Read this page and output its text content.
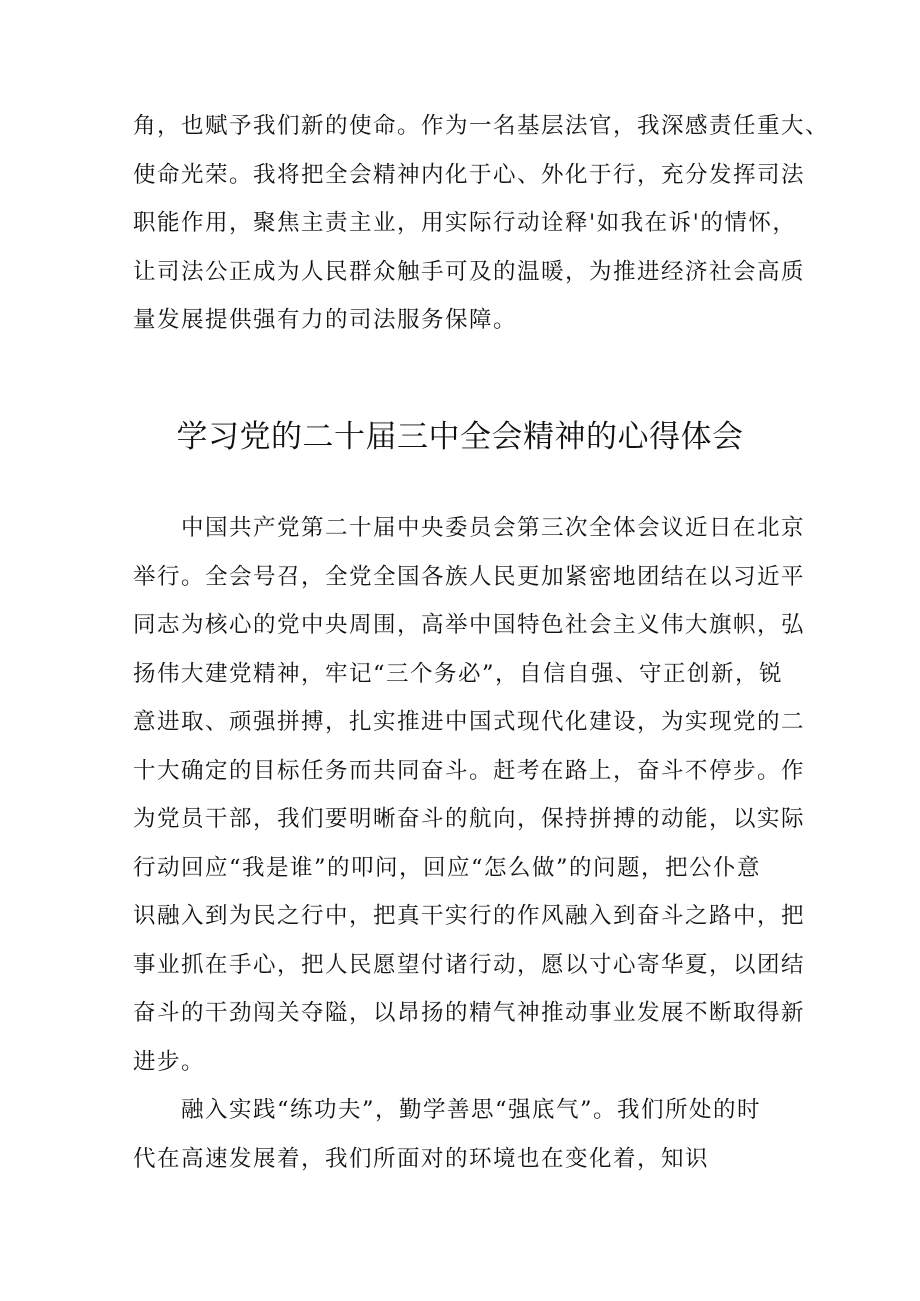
角，也赋予我们新的使命。作为一名基层法官，我深感责任重大、
使命光荣。我将把全会精神内化于心、外化于行，充分发挥司法
职能作用，聚焦主责主业，用实际行动诠释'如我在诉'的情怀，
让司法公正成为人民群众触手可及的温暖，为推进经济社会高质
量发展提供强有力的司法服务保障。
学习党的二十届三中全会精神的心得体会
中国共产党第二十届中央委员会第三次全体会议近日在北京
举行。全会号召，全党全国各族人民更加紧密地团结在以习近平
同志为核心的党中央周围，高举中国特色社会主义伟大旗帜，弘
扬伟大建党精神，牢记“三个务必”，自信自强、守正创新，锐
意进取、顽强拼搏，扎实推进中国式现代化建设，为实现党的二
十大确定的目标任务而共同奋斗。赶考在路上，奋斗不停步。作
为党员干部，我们要明晰奋斗的航向，保持拼搏的动能，以实际
行动回应“我是谁”的叩问，回应“怎么做”的问题，把公仆意
识融入到为民之行中，把真干实行的作风融入到奋斗之路中，把
事业抓在手心，把人民愿望付诸行动，愿以寸心寄华夏，以团结
奋斗的干劲闯关夺隘，以昂扬的精气神推动事业发展不断取得新
进步。
融入实践“练功夫”，勤学善思“强底气”。我们所处的时
代在高速发展着，我们所面对的环境也在变化着，知识
